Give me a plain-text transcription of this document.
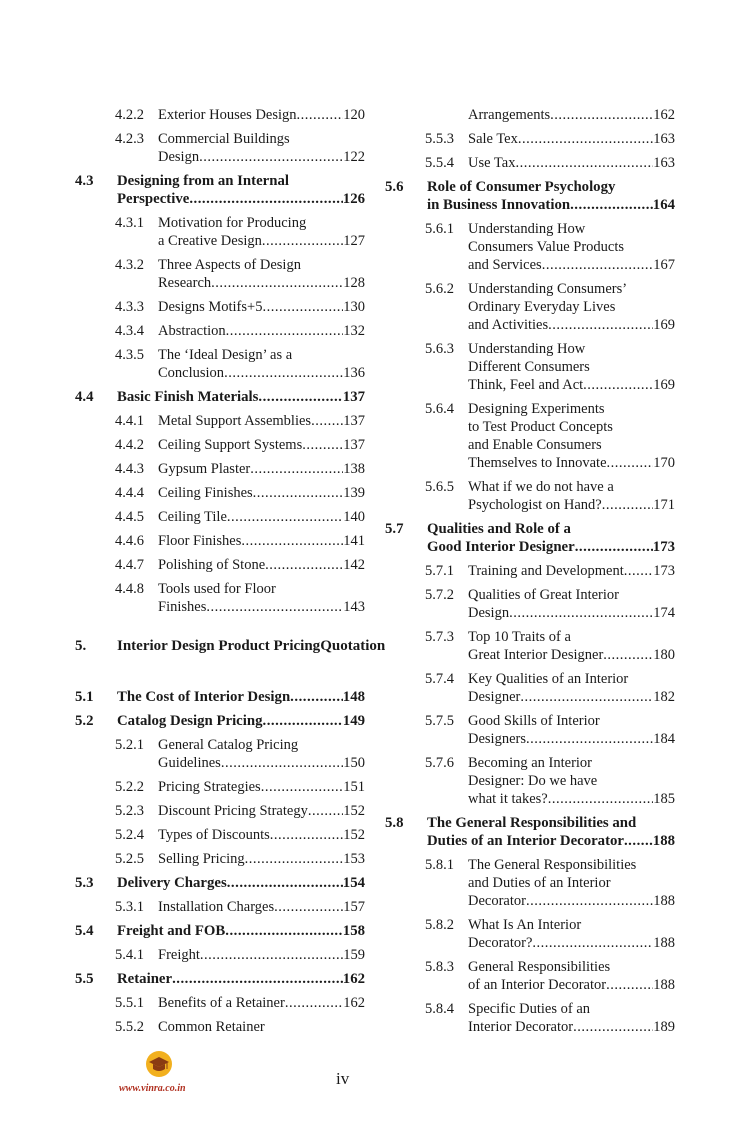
4.2.2 Exterior Houses Design .....	120
4.2.3 Commercial Buildings
Design .....	122
4.3 Designing from an Internal
Perspective .....	126
4.3.1 Motivation for Producing
a Creative Design .....	127
4.3.2 Three Aspects of Design
Research .....	128
4.3.3 Designs Motifs+5 .....	130
4.3.4 Abstraction .....	132
4.3.5 The ‘Ideal Design’ as a
Conclusion .....	136
4.4 Basic Finish Materials .....	137
4.4.1 Metal Support Assemblies ..... 137
4.4.2 Ceiling Support Systems .....	137
4.4.3 Gypsum Plaster .....	138
4.4.4 Ceiling Finishes .....	139
4.4.5 Ceiling Tile .....	140
4.4.6 Floor Finishes .....	141
4.4.7 Polishing of Stone .....	142
4.4.8 Tools used for Floor
Finishes .....	143
5. Interior Design Product PricingQuotation
5.1 The Cost of Interior Design .....	148
5.2 Catalog Design Pricing .....	149
5.2.1 General Catalog Pricing
Guidelines .....	150
5.2.2 Pricing Strategies .....	151
5.2.3 Discount Pricing Strategy ..... 152
5.2.4 Types of Discounts .....	152
5.2.5 Selling Pricing .....	153
5.3 Delivery Charges .....	154
5.3.1 Installation Charges .....	157
5.4 Freight and FOB .....	158
5.4.1 Freight .....	159
5.5 Retainer .....	162
5.5.1 Benefits of a Retainer .....	162
5.5.2 Common Retainer
Arrangements .....	162
5.5.3 Sale Tex .....	163
5.5.4 Use Tax .....	163
5.6 Role of Consumer Psychology
in Business Innovation .....	164
5.6.1 Understanding How
Consumers Value Products
and Services .....	167
5.6.2 Understanding Consumers’
Ordinary Everyday Lives
and Activities .....	169
5.6.3 Understanding How
Different Consumers
Think, Feel and Act .....	169
5.6.4 Designing Experiments
to Test Product Concepts
and Enable Consumers
Themselves to Innovate .....	170
5.6.5 What if we do not have a
Psychologist on Hand? .....	171
5.7 Qualities and Role of a
Good Interior Designer .....	173
5.7.1 Training and Development ..... 173
5.7.2 Qualities of Great Interior
Design .....	174
5.7.3 Top 10 Traits of a
Great Interior Designer .....	180
5.7.4 Key Qualities of an Interior
Designer .....	182
5.7.5 Good Skills of Interior
Designers .....	184
5.7.6 Becoming an Interior
Designer: Do we have
what it takes? .....	185
5.8 The General Responsibilities and
Duties of an Interior Decorator ..... 188
5.8.1 The General Responsibilities
and Duties of an Interior
Decorator .....	188
5.8.2 What Is An Interior
Decorator? .....	188
5.8.3 General Responsibilities
of an Interior Decorator .....	188
5.8.4 Specific Duties of an
Interior Decorator .....	189
www.vinra.co.in
iv
